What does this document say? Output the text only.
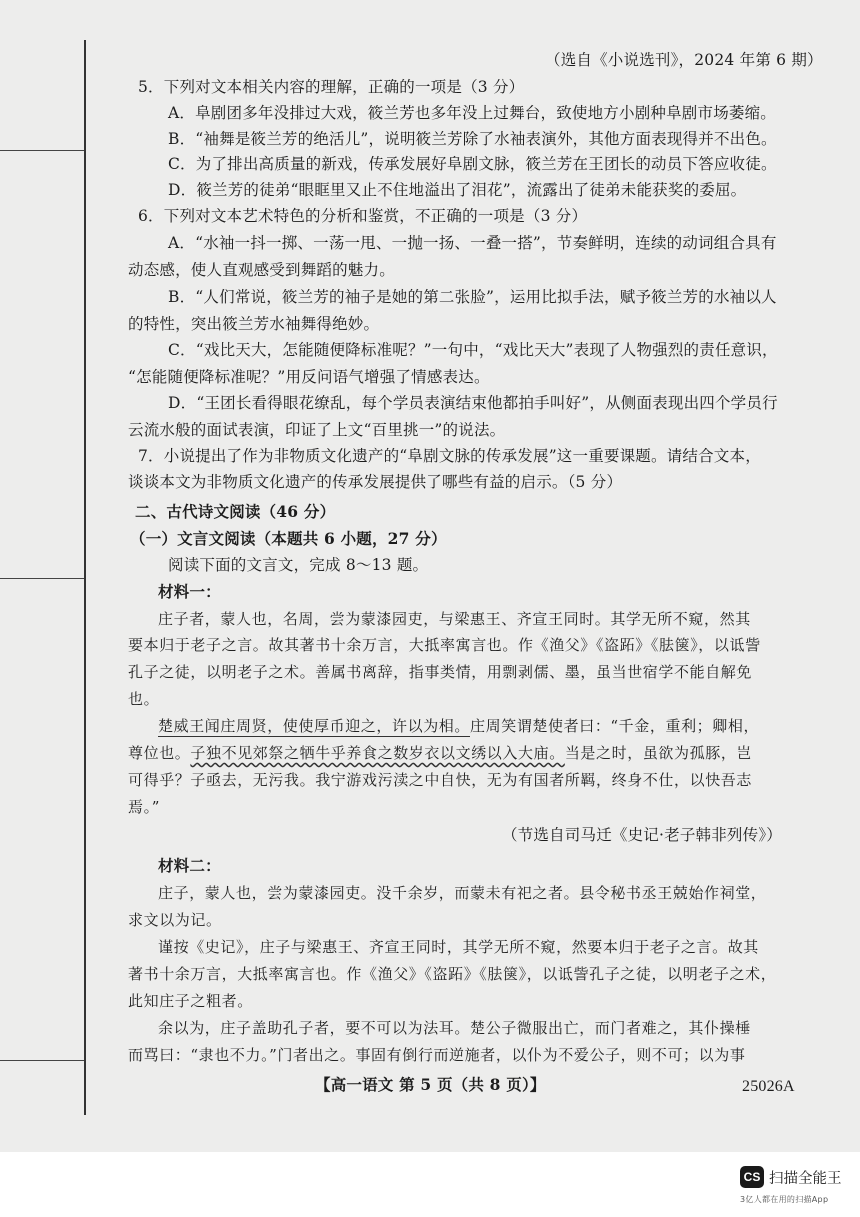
（选自《小说选刊》，2024 年第 6 期）
5．下列对文本相关内容的理解，正确的一项是（3 分）
A．阜剧团多年没排过大戏，筱兰芳也多年没上过舞台，致使地方小剧种阜剧市场萎缩。
B．“袖舞是筱兰芳的绝活儿”，说明筱兰芳除了水袖表演外，其他方面表现得并不出色。
C．为了排出高质量的新戏，传承发展好阜剧文脉，筱兰芳在王团长的动员下答应收徒。
D．筱兰芳的徒弟“眼眶里又止不住地溢出了泪花”，流露出了徒弟未能获奖的委屈。
6．下列对文本艺术特色的分析和鉴赏，不正确的一项是（3 分）
A．“水袖一抖一掷、一荡一甩、一抛一扬、一叠一搭”，节奏鲜明，连续的动词组合具有
动态感，使人直观感受到舞蹈的魅力。
B．“人们常说，筱兰芳的袖子是她的第二张脸”，运用比拟手法，赋予筱兰芳的水袖以人
的特性，突出筱兰芳水袖舞得绝妙。
C．“戏比天大，怎能随便降标准呢？”一句中，“戏比天大”表现了人物强烈的责任意识，
“怎能随便降标准呢？”用反问语气增强了情感表达。
D．“王团长看得眼花缭乱，每个学员表演结束他都拍手叫好”，从侧面表现出四个学员行
云流水般的面试表演，印证了上文“百里挑一”的说法。
7．小说提出了作为非物质文化遗产的“阜剧文脉的传承发展”这一重要课题。请结合文本，
谈谈本文为非物质文化遗产的传承发展提供了哪些有益的启示。（5 分）
二、古代诗文阅读（46 分）
（一）文言文阅读（本题共 6 小题，27 分）
阅读下面的文言文，完成 8～13 题。
材料一：
庄子者，蒙人也，名周，尝为蒙漆园吏，与梁惠王、齐宣王同时。其学无所不窥，然其
要本归于老子之言。故其著书十余万言，大抵率寓言也。作《渔父》《盗跖》《胠箧》，以诋訾
孔子之徒，以明老子之术。善属书离辞，指事类情，用剽剥儒、墨，虽当世宿学不能自解免
也。
楚威王闻庄周贤，使使厚币迎之，许以为相。庄周笑谓楚使者曰：“千金，重利；卿相，
尊位也。子独不见郊祭之牺牛乎养食之数岁衣以文绣以入大庙。当是之时，虽欲为孤豚，岂
可得乎？子亟去，无污我。我宁游戏污渎之中自快，无为有国者所羁，终身不仕，以快吾志
焉。”
（节选自司马迁《史记·老子韩非列传》）
材料二：
庄子，蒙人也，尝为蒙漆园吏。没千余岁，而蒙未有祀之者。县令秘书丞王兢始作祠堂，
求文以为记。
谨按《史记》，庄子与梁惠王、齐宣王同时，其学无所不窥，然要本归于老子之言。故其
著书十余万言，大抵率寓言也。作《渔父》《盗跖》《胠箧》，以诋訾孔子之徒，以明老子之术，
此知庄子之粗者。
余以为，庄子盖助孔子者，要不可以为法耳。楚公子微服出亡，而门者难之，其仆操棰
而骂曰：“隶也不力。”门者出之。事固有倒行而逆施者，以仆为不爱公子，则不可；以为事
【高一语文 第 5 页（共 8 页）】	25026A
CS 扫描全能王
3亿人都在用的扫描App
